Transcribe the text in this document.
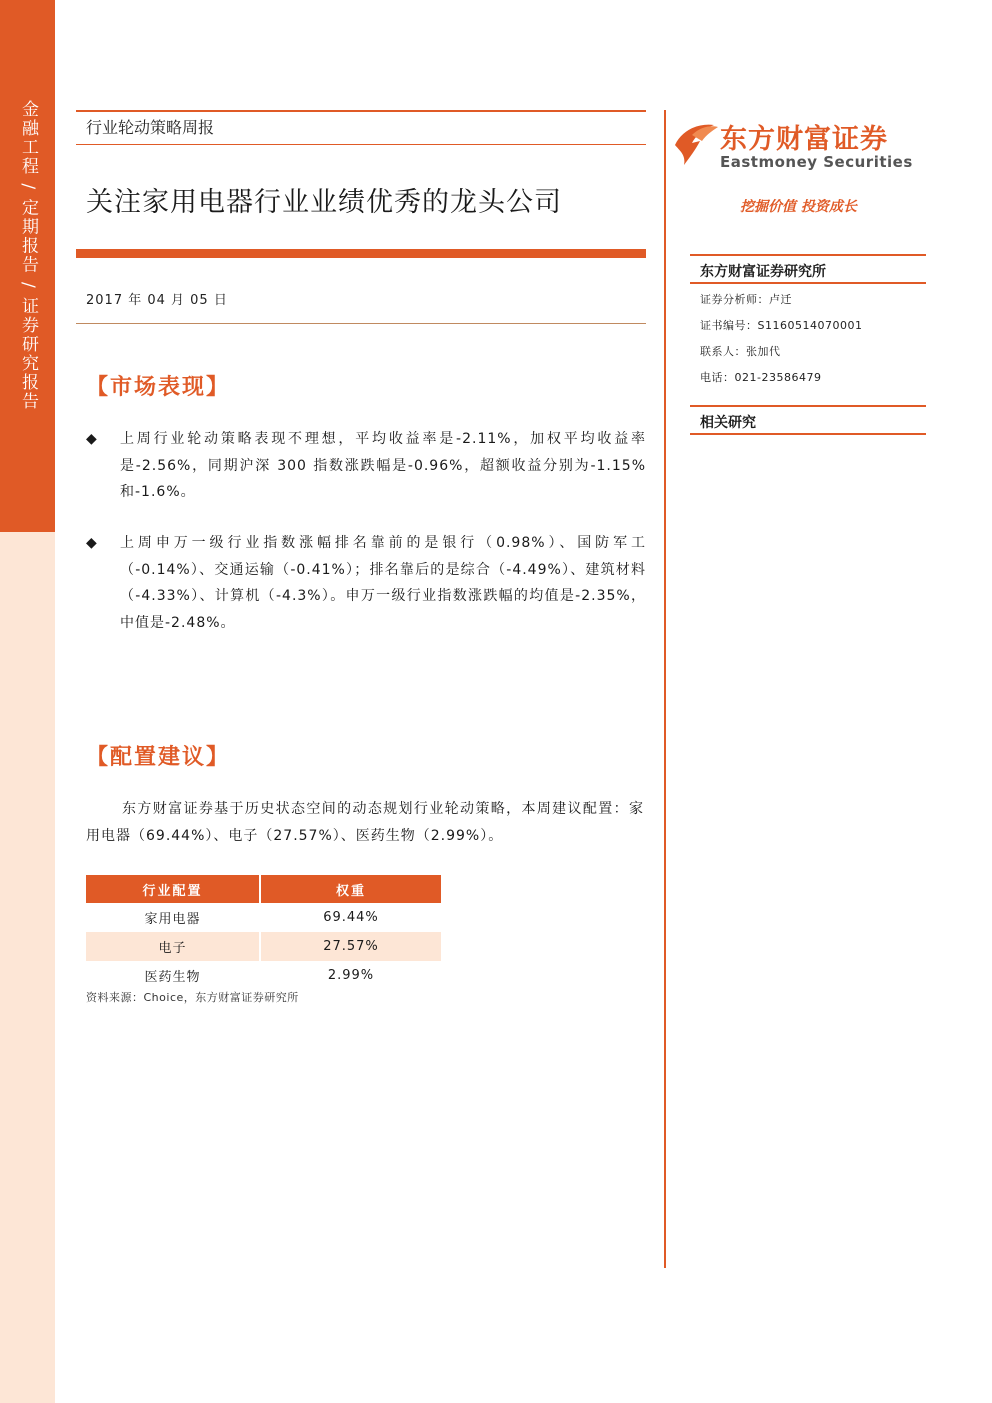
金融工程 / 定期报告 / 证券研究报告	行业轮动策略周报
关注家用电器行业业绩优秀的龙头公司
2017 年 04 月 05 日
【市场表现】
◆ 上周行业轮动策略表现不理想，平均收益率是-2.11%，加权平均收益率是-2.56%，同期沪深 300 指数涨跌幅是-0.96%，超额收益分别为-1.15%和-1.6%。
◆ 上周申万一级行业指数涨幅排名靠前的是银行（0.98%）、国防军工（-0.14%）、交通运输（-0.41%）；排名靠后的是综合（-4.49%）、建筑材料（-4.33%）、计算机（-4.3%）。申万一级行业指数涨跌幅的均值是-2.35%，中值是-2.48%。
【配置建议】
东方财富证券基于历史状态空间的动态规划行业轮动策略，本周建议配置：家用电器（69.44%）、电子（27.57%）、医药生物（2.99%）。
行业配置	权重
家用电器	69.44%
电子	27.57%
医药生物	2.99%
资料来源：Choice，东方财富证券研究所
东方财富证券
Eastmoney Securities
挖掘价值 投资成长
东方财富证券研究所
证券分析师：卢迁
证书编号：S1160514070001
联系人：张加代
电话：021-23586479
相关研究
